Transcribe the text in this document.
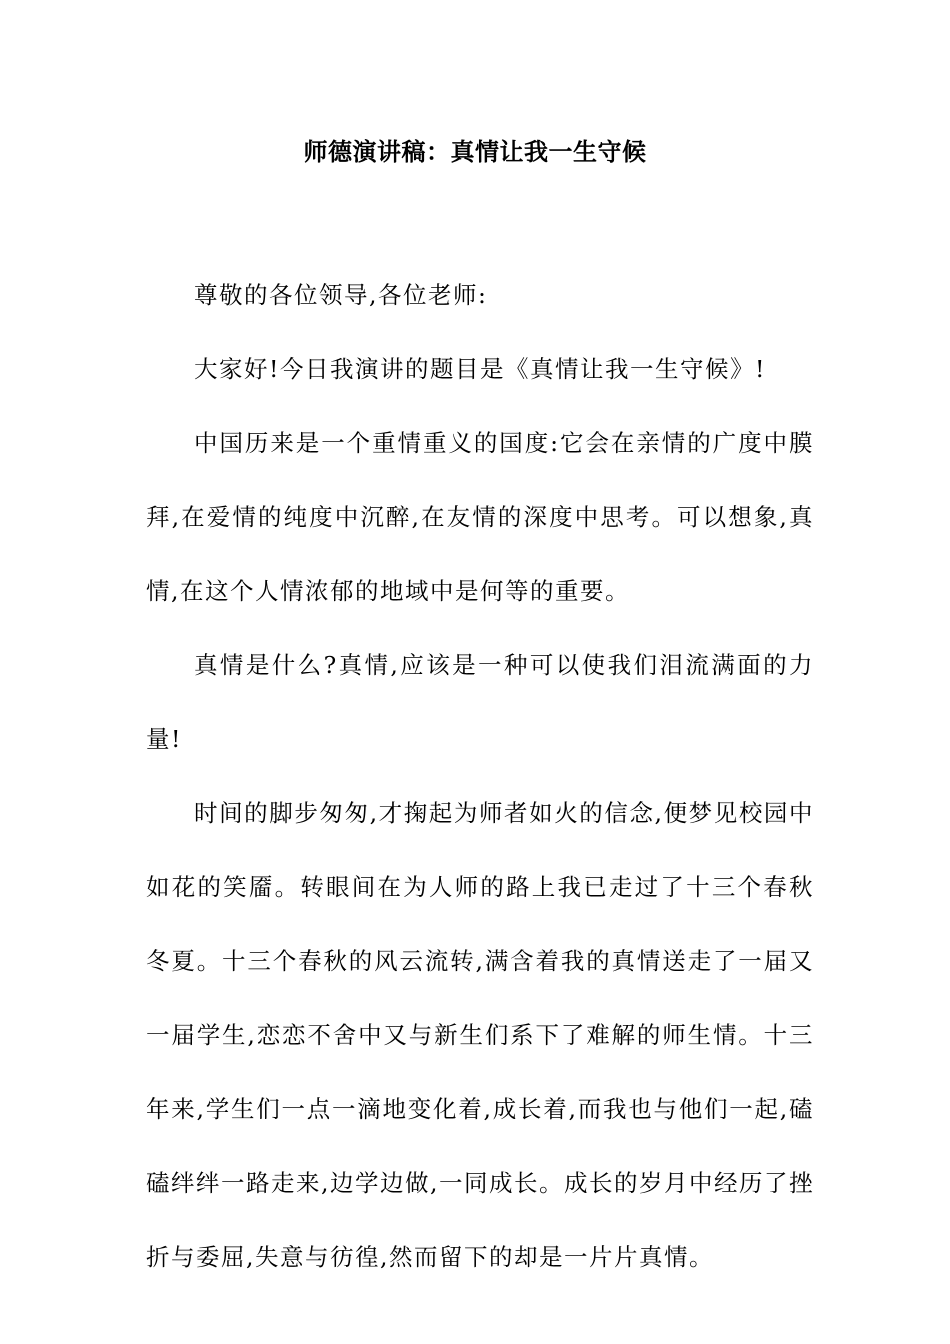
师德演讲稿：真情让我一生守候

尊敬的各位领导,各位老师:

大家好!今日我演讲的题目是《真情让我一生守候》!

中国历来是一个重情重义的国度:它会在亲情的广度中膜拜,在爱情的纯度中沉醉,在友情的深度中思考。可以想象,真情,在这个人情浓郁的地域中是何等的重要。

真情是什么?真情,应该是一种可以使我们泪流满面的力量!

时间的脚步匆匆,才掬起为师者如火的信念,便梦见校园中如花的笑靥。转眼间在为人师的路上我已走过了十三个春秋冬夏。十三个春秋的风云流转,满含着我的真情送走了一届又一届学生,恋恋不舍中又与新生们系下了难解的师生情。十三年来,学生们一点一滴地变化着,成长着,而我也与他们一起,磕磕绊绊一路走来,边学边做,一同成长。成长的岁月中经历了挫折与委屈,失意与彷徨,然而留下的却是一片片真情。
